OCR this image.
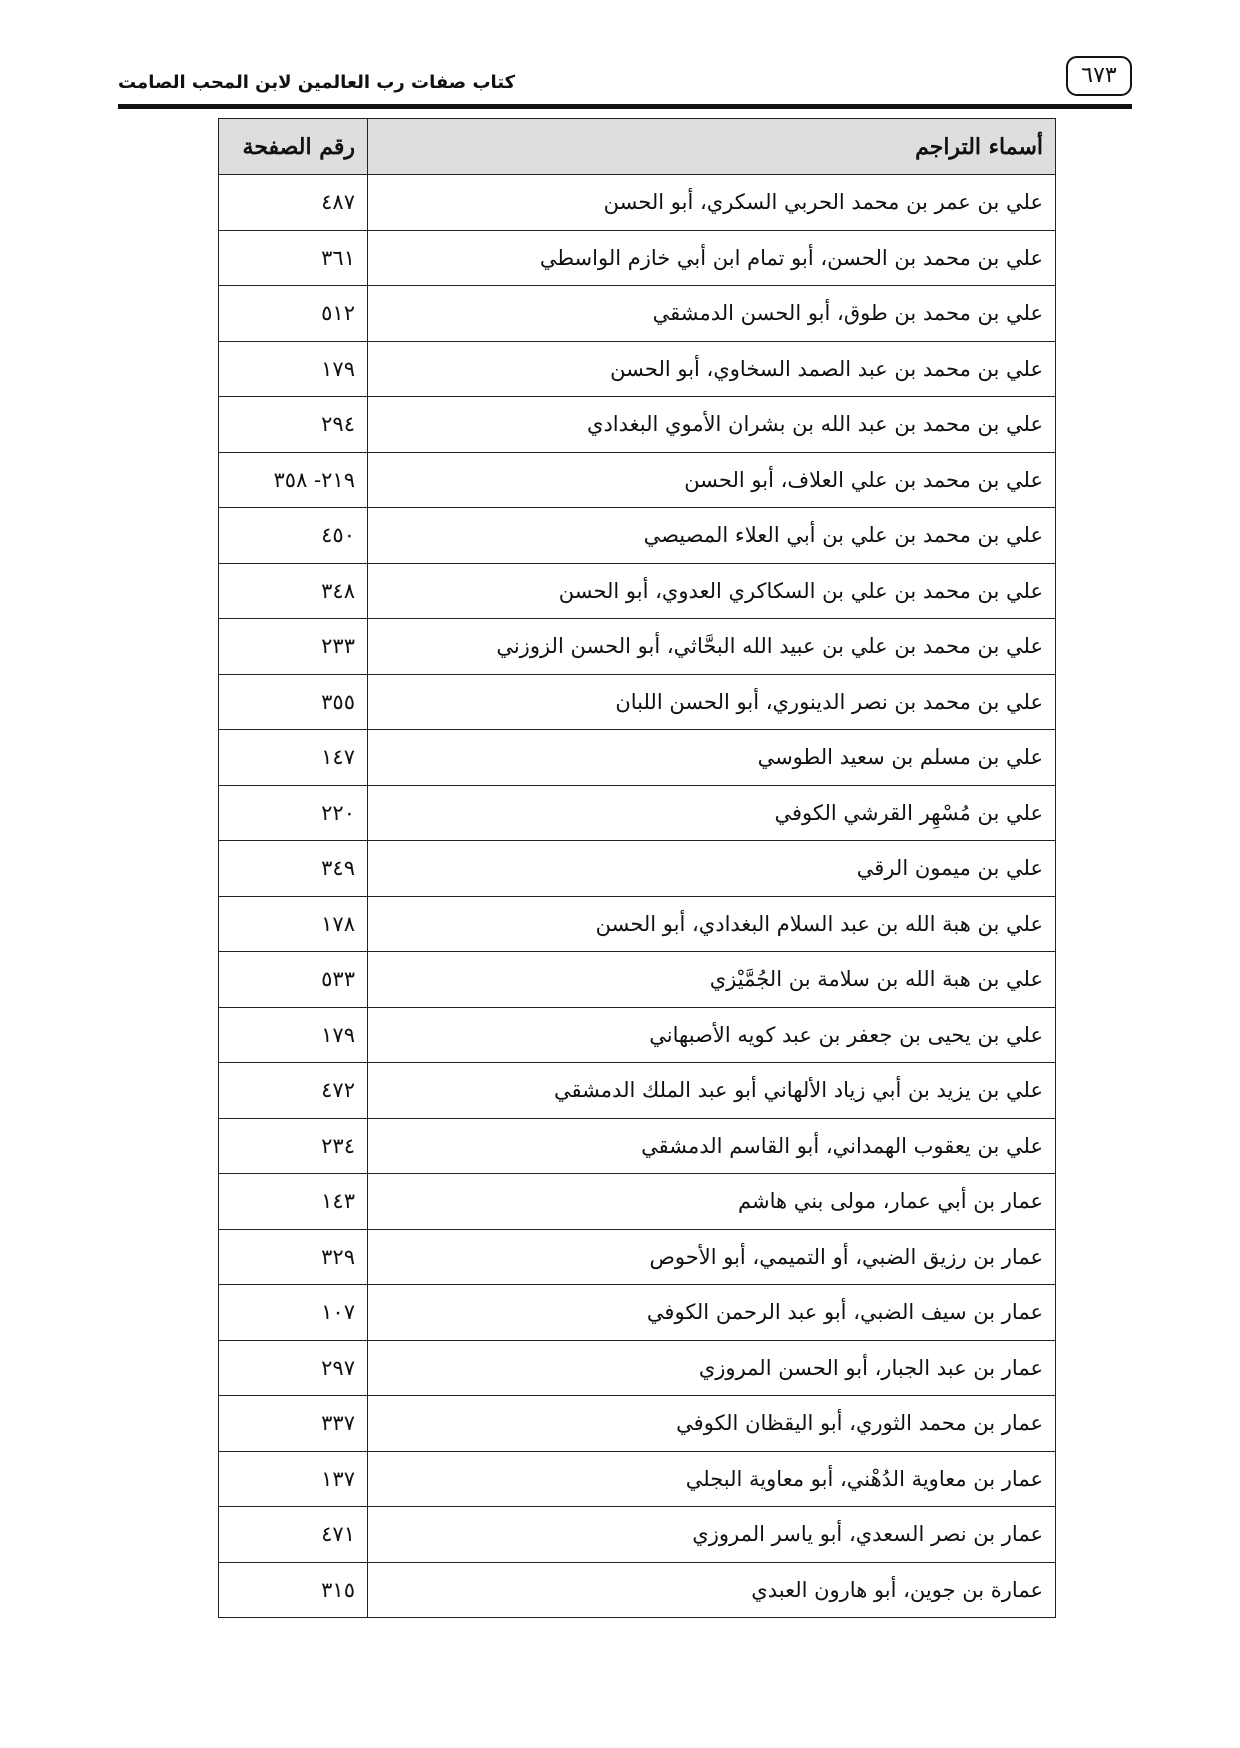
كتاب صفات رب العالمين لابن المحب الصامت	٦٧٣
أسماء التراجم	رقم الصفحة
علي بن عمر بن محمد الحربي السكري، أبو الحسن	٤٨٧
علي بن محمد بن الحسن، أبو تمام ابن أبي خازم الواسطي	٣٦١
علي بن محمد بن طوق، أبو الحسن الدمشقي	٥١٢
علي بن محمد بن عبد الصمد السخاوي، أبو الحسن	١٧٩
علي بن محمد بن عبد الله بن بشران الأموي البغدادي	٢٩٤
علي بن محمد بن علي العلاف، أبو الحسن	٢١٩- ٣٥٨
علي بن محمد بن علي بن أبي العلاء المصيصي	٤٥٠
علي بن محمد بن علي بن السكاكري العدوي، أبو الحسن	٣٤٨
علي بن محمد بن علي بن عبيد الله البحَّاثي، أبو الحسن الزوزني	٢٣٣
علي بن محمد بن نصر الدينوري، أبو الحسن اللبان	٣٥٥
علي بن مسلم بن سعيد الطوسي	١٤٧
علي بن مُسْهِر القرشي الكوفي	٢٢٠
علي بن ميمون الرقي	٣٤٩
علي بن هبة الله بن عبد السلام البغدادي، أبو الحسن	١٧٨
علي بن هبة الله بن سلامة بن الجُمَّيْزي	٥٣٣
علي بن يحيى بن جعفر بن عبد كويه الأصبهاني	١٧٩
علي بن يزيد بن أبي زياد الألهاني أبو عبد الملك الدمشقي	٤٧٢
علي بن يعقوب الهمداني، أبو القاسم الدمشقي	٢٣٤
عمار بن أبي عمار، مولى بني هاشم	١٤٣
عمار بن رزيق الضبي، أو التميمي، أبو الأحوص	٣٢٩
عمار بن سيف الضبي، أبو عبد الرحمن الكوفي	١٠٧
عمار بن عبد الجبار، أبو الحسن المروزي	٢٩٧
عمار بن محمد الثوري، أبو اليقظان الكوفي	٣٣٧
عمار بن معاوية الدُهْني، أبو معاوية البجلي	١٣٧
عمار بن نصر السعدي، أبو ياسر المروزي	٤٧١
عمارة بن جوين، أبو هارون العبدي	٣١٥
